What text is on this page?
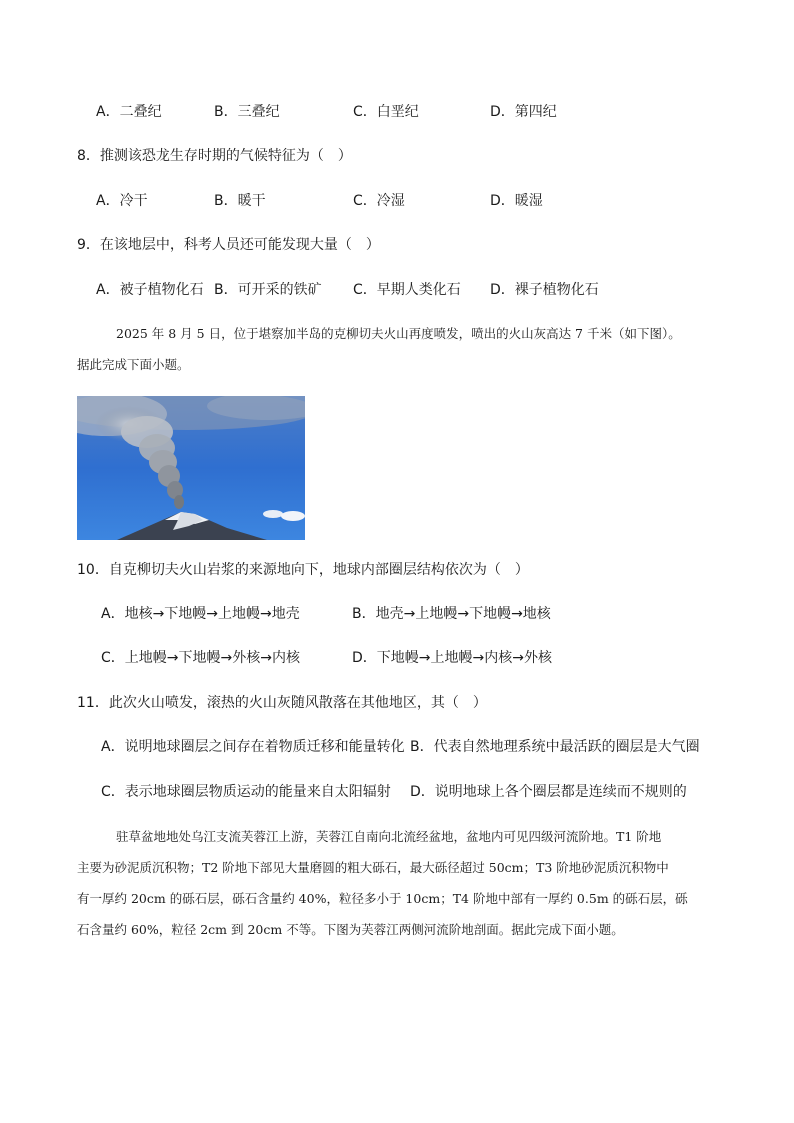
A．二叠纪	B．三叠纪	C．白垩纪	D．第四纪
8．推测该恐龙生存时期的气候特征为（　）
A．冷干	B．暖干	C．冷湿	D．暖湿
9．在该地层中，科考人员还可能发现大量（　）
A．被子植物化石 B．可开采的铁矿 C．早期人类化石 D．裸子植物化石
2025 年 8 月 5 日，位于堪察加半岛的克柳切夫火山再度喷发，喷出的火山灰高达 7 千米（如下图）。
据此完成下面小题。
10．自克柳切夫火山岩浆的来源地向下，地球内部圈层结构依次为（　）
A．地核→下地幔→上地幔→地壳	B．地壳→上地幔→下地幔→地核
C．上地幔→下地幔→外核→内核	D．下地幔→上地幔→内核→外核
11．此次火山喷发，滚热的火山灰随风散落在其他地区，其（　）
A．说明地球圈层之间存在着物质迁移和能量转化 B．代表自然地理系统中最活跃的圈层是大气圈
C．表示地球圈层物质运动的能量来自太阳辐射 D．说明地球上各个圈层都是连续而不规则的
驻草盆地地处乌江支流芙蓉江上游，芙蓉江自南向北流经盆地，盆地内可见四级河流阶地。T1 阶地
主要为砂泥质沉积物；T2 阶地下部见大量磨圆的粗大砾石，最大砾径超过 50cm；T3 阶地砂泥质沉积物中
有一厚约 20cm 的砾石层，砾石含量约 40%，粒径多小于 10cm；T4 阶地中部有一厚约 0.5m 的砾石层，砾
石含量约 60%，粒径 2cm 到 20cm 不等。下图为芙蓉江两侧河流阶地剖面。据此完成下面小题。
